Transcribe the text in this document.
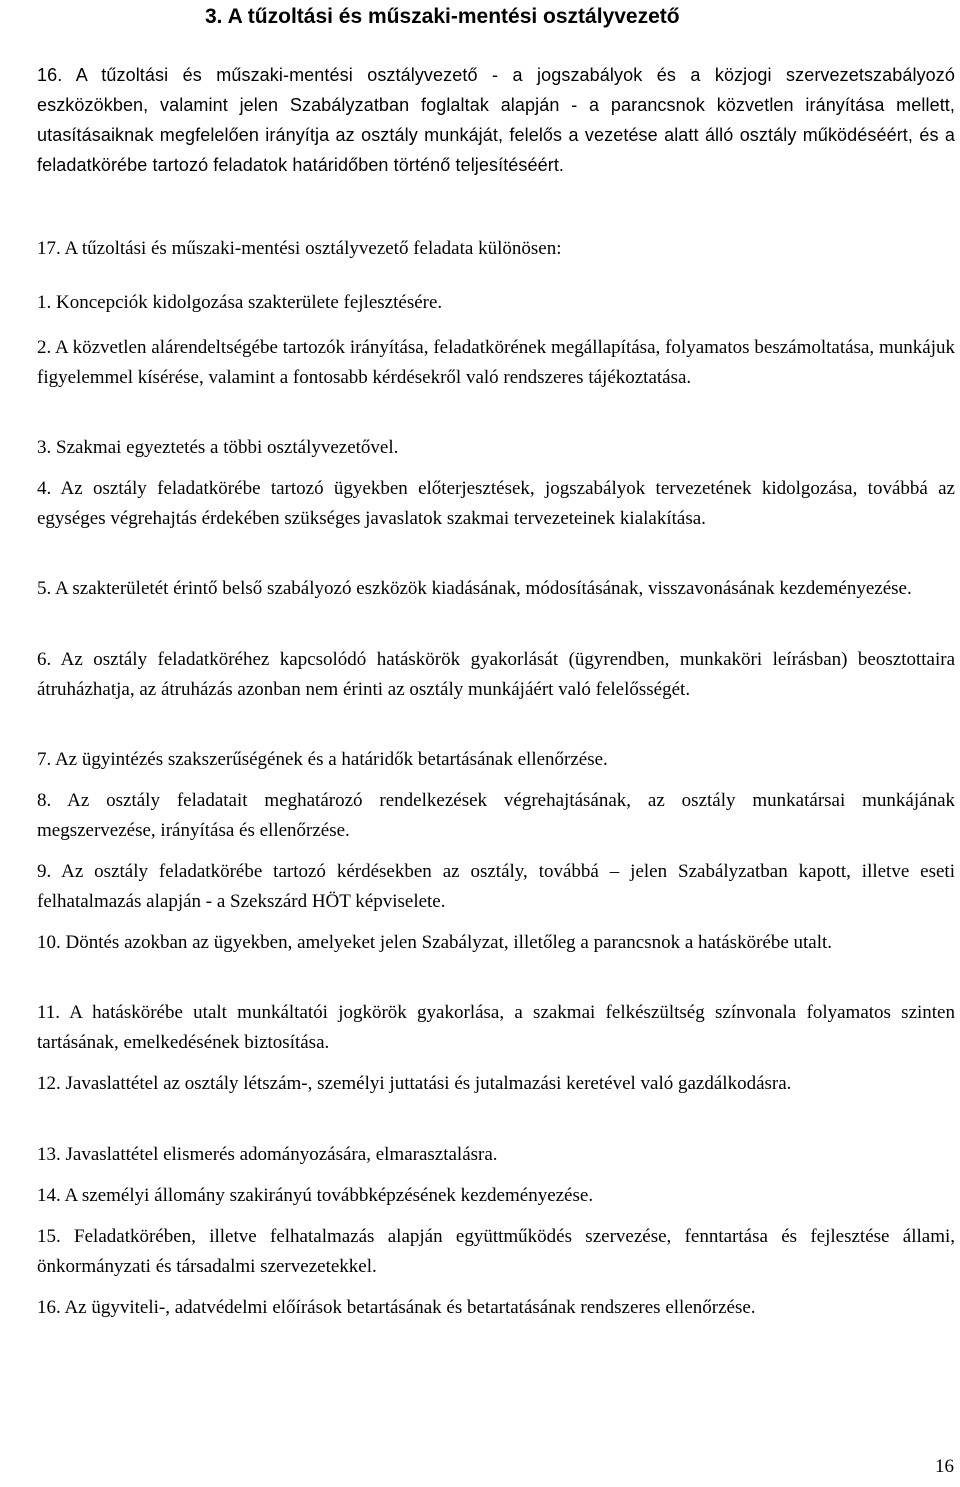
3. A tűzoltási és műszaki-mentési osztályvezető
16. A tűzoltási és műszaki-mentési osztályvezető - a jogszabályok és a közjogi szervezetszabályozó eszközökben, valamint jelen Szabályzatban foglaltak alapján - a parancsnok közvetlen irányítása mellett, utasításaiknak megfelelően irányítja az osztály munkáját, felelős a vezetése alatt álló osztály működéséért, és a feladatkörébe tartozó feladatok határidőben történő teljesítéséért.
17. A tűzoltási és műszaki-mentési osztályvezető feladata különösen:
1. Koncepciók kidolgozása szakterülete fejlesztésére.
2. A közvetlen alárendeltségébe tartozók irányítása, feladatkörének megállapítása, folyamatos beszámoltatása, munkájuk figyelemmel kísérése, valamint a fontosabb kérdésekről való rendszeres tájékoztatása.
3. Szakmai egyeztetés a többi osztályvezetővel.
4. Az osztály feladatkörébe tartozó ügyekben előterjesztések, jogszabályok tervezetének kidolgozása, továbbá az egységes végrehajtás érdekében szükséges javaslatok szakmai tervezeteinek kialakítása.
5. A szakterületét érintő belső szabályozó eszközök kiadásának, módosításának, visszavonásának kezdeményezése.
6. Az osztály feladatköréhez kapcsolódó hatáskörök gyakorlását (ügyrendben, munkaköri leírásban) beosztottaira átruházhatja, az átruházás azonban nem érinti az osztály munkájáért való felelősségét.
7. Az ügyintézés szakszerűségének és a határidők betartásának ellenőrzése.
8. Az osztály feladatait meghatározó rendelkezések végrehajtásának, az osztály munkatársai munkájának megszervezése, irányítása és ellenőrzése.
9. Az osztály feladatkörébe tartozó kérdésekben az osztály, továbbá – jelen Szabályzatban kapott, illetve eseti felhatalmazás alapján - a Szekszárd HÖT képviselete.
10. Döntés azokban az ügyekben, amelyeket jelen Szabályzat, illetőleg a parancsnok a hatáskörébe utalt.
11. A hatáskörébe utalt munkáltatói jogkörök gyakorlása, a szakmai felkészültség színvonala folyamatos szinten tartásának, emelkedésének biztosítása.
12. Javaslattétel az osztály létszám-, személyi juttatási és jutalmazási keretével való gazdálkodásra.
13. Javaslattétel elismerés adományozására, elmarasztalásra.
14. A személyi állomány szakirányú továbbképzésének kezdeményezése.
15. Feladatkörében, illetve felhatalmazás alapján együttműködés szervezése, fenntartása és fejlesztése állami, önkormányzati és társadalmi szervezetekkel.
16. Az ügyviteli-, adatvédelmi előírások betartásának és betartatásának rendszeres ellenőrzése.
16
